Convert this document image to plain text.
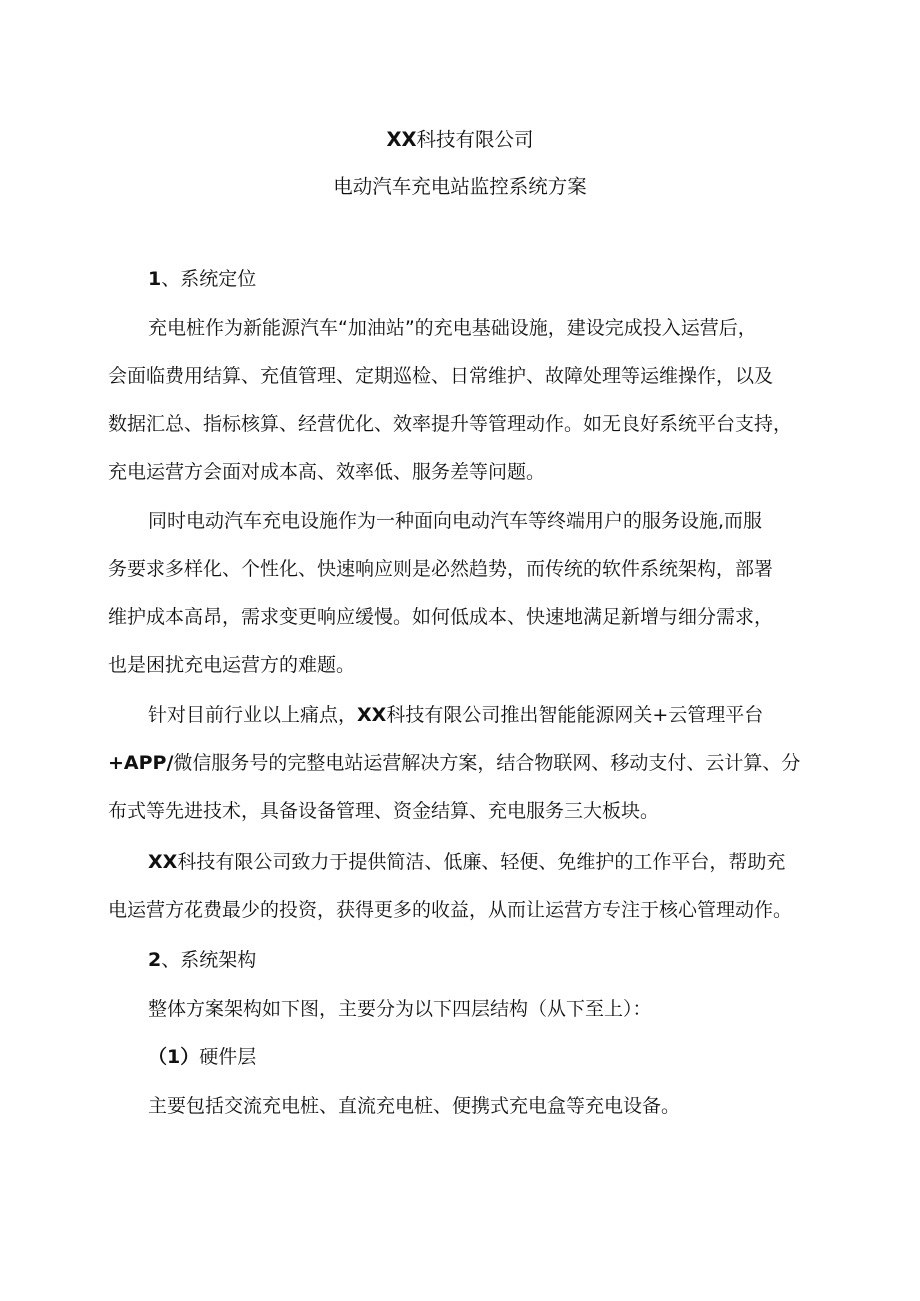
XX科技有限公司
电动汽车充电站监控系统方案
1、系统定位
充电桩作为新能源汽车“加油站”的充电基础设施，建设完成投入运营后，
会面临费用结算、充值管理、定期巡检、日常维护、故障处理等运维操作，以及
数据汇总、指标核算、经营优化、效率提升等管理动作。如无良好系统平台支持，
充电运营方会面对成本高、效率低、服务差等问题。
同时电动汽车充电设施作为一种面向电动汽车等终端用户的服务设施,而服
务要求多样化、个性化、快速响应则是必然趋势，而传统的软件系统架构，部署
维护成本高昂，需求变更响应缓慢。如何低成本、快速地满足新增与细分需求，
也是困扰充电运营方的难题。
针对目前行业以上痛点，XX科技有限公司推出智能能源网关+云管理平台
+APP/微信服务号的完整电站运营解决方案，结合物联网、移动支付、云计算、分
布式等先进技术，具备设备管理、资金结算、充电服务三大板块。
XX科技有限公司致力于提供简洁、低廉、轻便、免维护的工作平台，帮助充
电运营方花费最少的投资，获得更多的收益，从而让运营方专注于核心管理动作。
2、系统架构
整体方案架构如下图，主要分为以下四层结构（从下至上）：
（1）硬件层
主要包括交流充电桩、直流充电桩、便携式充电盒等充电设备。
